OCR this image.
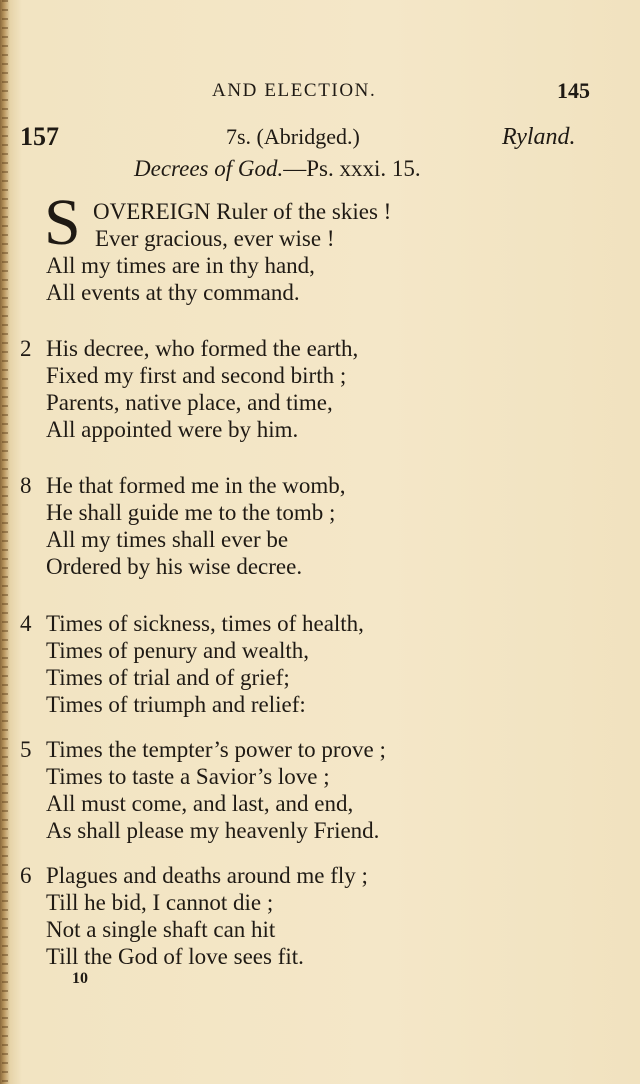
AND ELECTION.	145
157	7s. (Abridged.)	Ryland.
Decrees of God.—Ps. xxxi. 15.
S OVEREIGN Ruler of the skies !
Ever gracious, ever wise !
All my times are in thy hand,
All events at thy command.
2 His decree, who formed the earth,
Fixed my first and second birth ;
Parents, native place, and time,
All appointed were by him.
8 He that formed me in the womb,
He shall guide me to the tomb ;
All my times shall ever be
Ordered by his wise decree.
4 Times of sickness, times of health,
Times of penury and wealth,
Times of trial and of grief;
Times of triumph and relief:
5 Times the tempter’s power to prove ;
Times to taste a Savior’s love ;
All must come, and last, and end,
As shall please my heavenly Friend.
6 Plagues and deaths around me fly ;
Till he bid, I cannot die ;
Not a single shaft can hit
Till the God of love sees fit.
10
